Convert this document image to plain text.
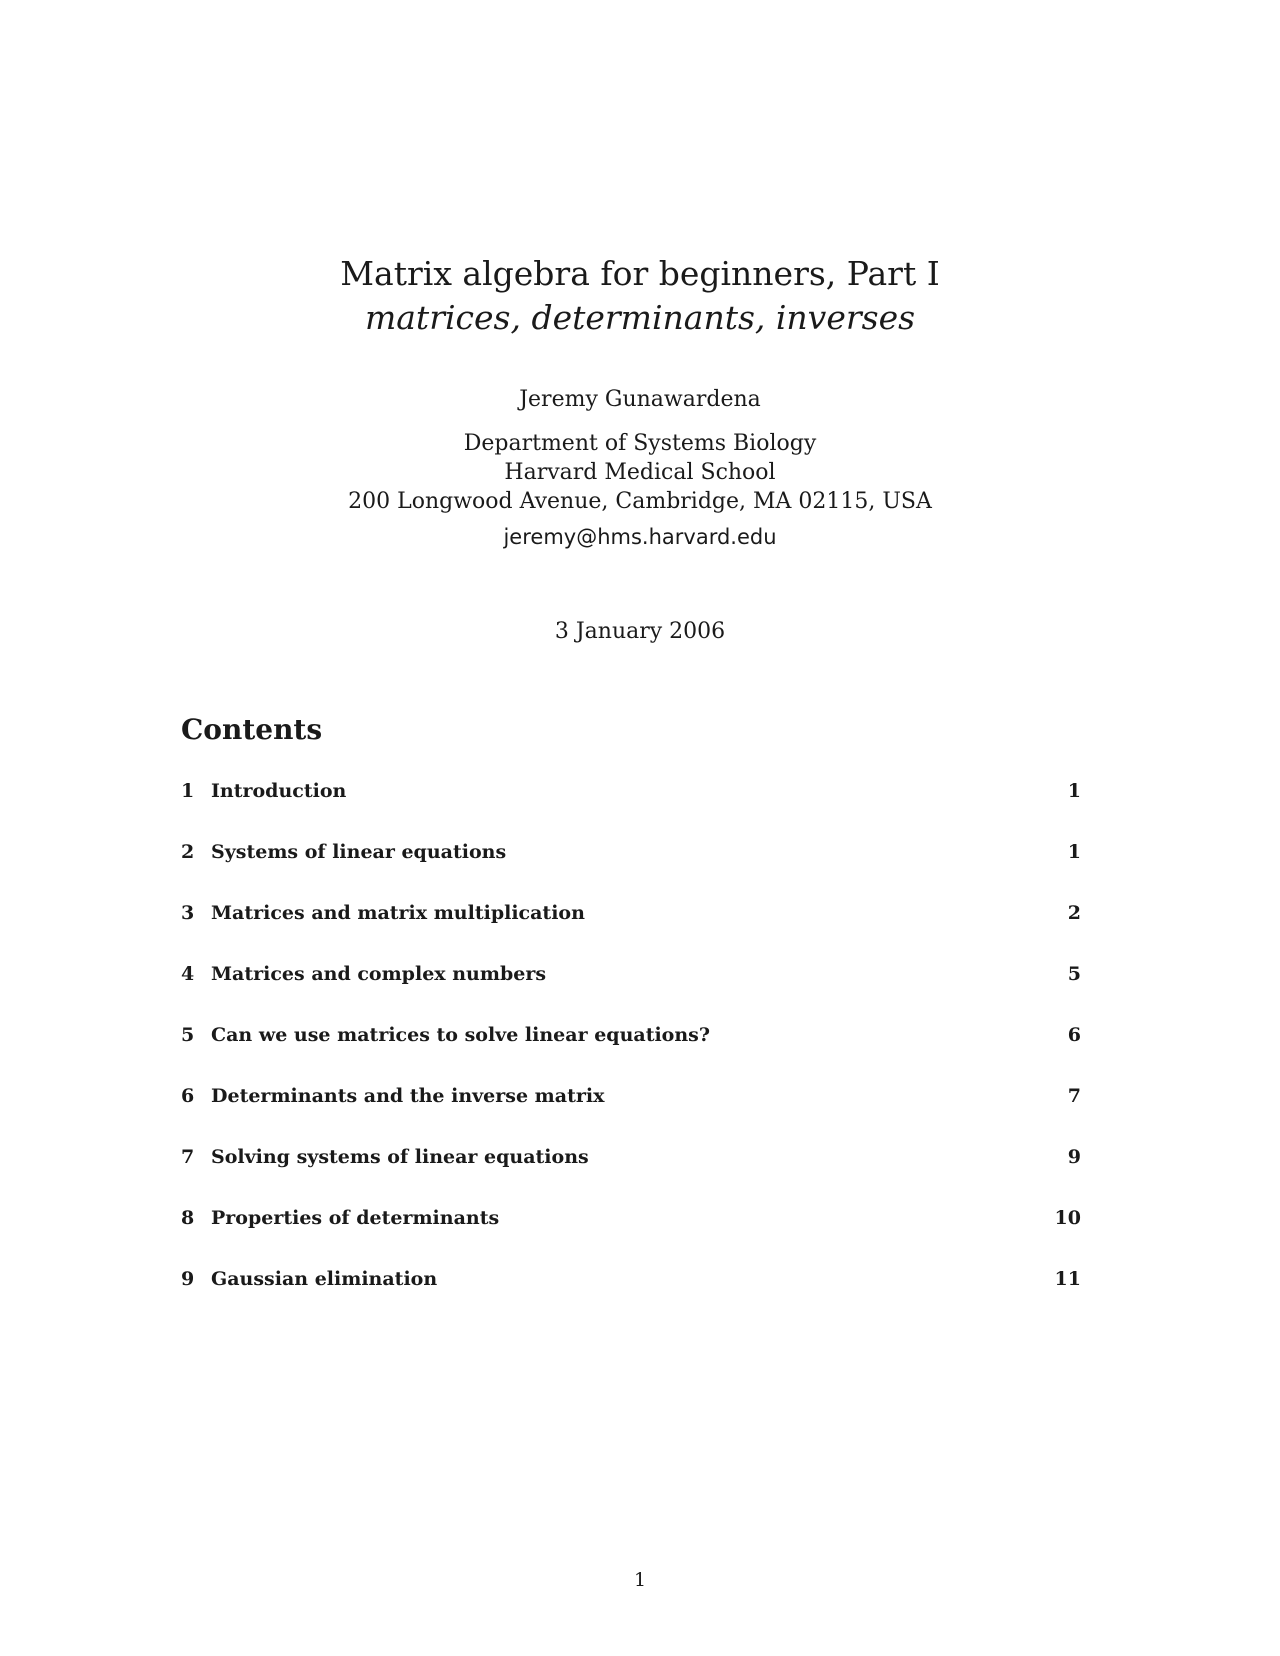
Matrix algebra for beginners, Part I
matrices, determinants, inverses
Jeremy Gunawardena
Department of Systems Biology
Harvard Medical School
200 Longwood Avenue, Cambridge, MA 02115, USA
jeremy@hms.harvard.edu
3 January 2006
Contents
1 Introduction	1
2 Systems of linear equations	1
3 Matrices and matrix multiplication	2
4 Matrices and complex numbers	5
5 Can we use matrices to solve linear equations?	6
6 Determinants and the inverse matrix	7
7 Solving systems of linear equations	9
8 Properties of determinants	10
9 Gaussian elimination	11
1
